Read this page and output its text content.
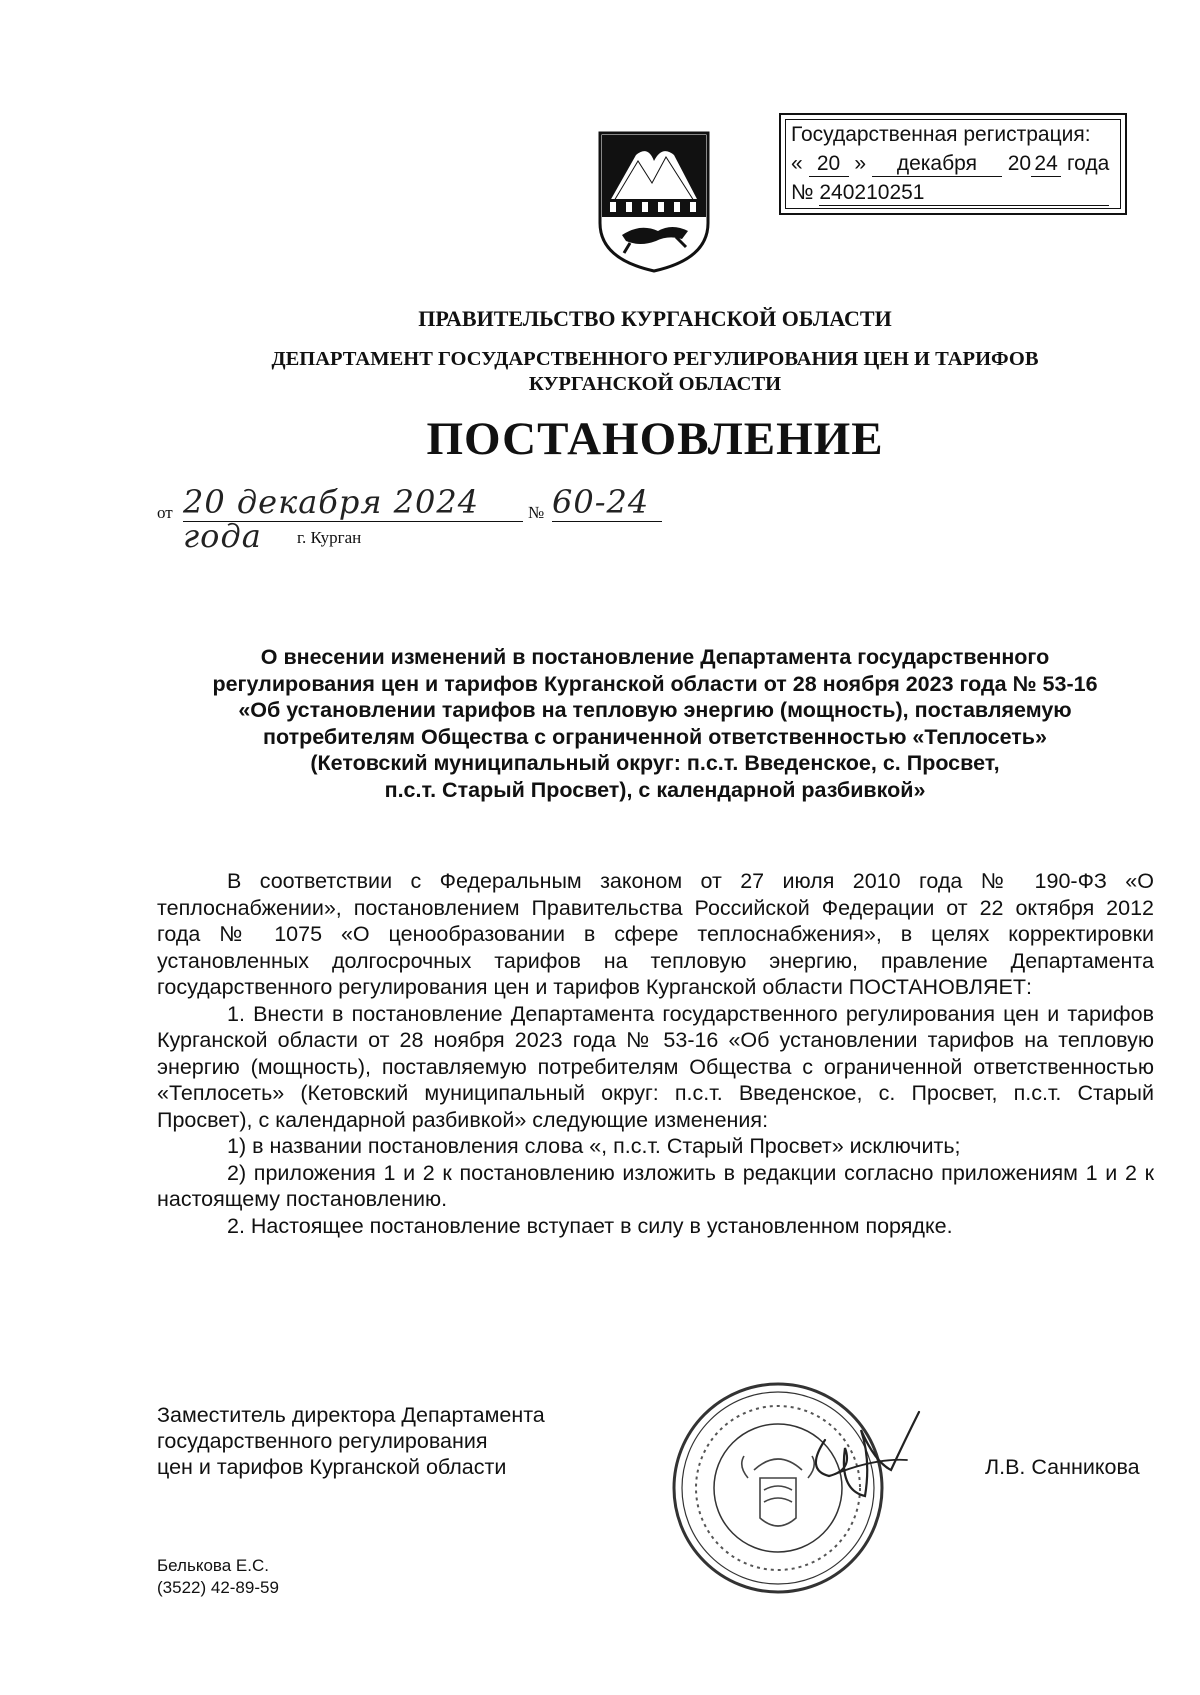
Государственная регистрация:
« 20 » декабря 20 24 года
№ 240210251
ПРАВИТЕЛЬСТВО КУРГАНСКОЙ ОБЛАСТИ
ДЕПАРТАМЕНТ ГОСУДАРСТВЕННОГО РЕГУЛИРОВАНИЯ ЦЕН И ТАРИФОВ
КУРГАНСКОЙ ОБЛАСТИ
ПОСТАНОВЛЕНИЕ
от 20 декабря 2024 года
№ 60-24
г. Курган
О внесении изменений в постановление Департамента государственного
регулирования цен и тарифов Курганской области от 28 ноября 2023 года № 53-16
«Об установлении тарифов на тепловую энергию (мощность), поставляемую
потребителям Общества с ограниченной ответственностью «Теплосеть»
(Кетовский муниципальный округ: п.с.т. Введенское, с. Просвет,
п.с.т. Старый Просвет), с календарной разбивкой»

В соответствии с Федеральным законом от 27 июля 2010 года № 190-ФЗ «О теплоснабжении», постановлением Правительства Российской Федерации от 22 октября 2012 года № 1075 «О ценообразовании в сфере теплоснабжения», в целях корректировки установленных долгосрочных тарифов на тепловую энергию, правление Департамента государственного регулирования цен и тарифов Курганской области ПОСТАНОВЛЯЕТ:

1. Внести в постановление Департамента государственного регулирования цен и тарифов Курганской области от 28 ноября 2023 года № 53-16 «Об установлении тарифов на тепловую энергию (мощность), поставляемую потребителям Общества с ограниченной ответственностью «Теплосеть» (Кетовский муниципальный округ: п.с.т. Введенское, с. Просвет, п.с.т. Старый Просвет), с календарной разбивкой» следующие изменения:

1) в названии постановления слова «, п.с.т. Старый Просвет» исключить;

2) приложения 1 и 2 к постановлению изложить в редакции согласно приложениям 1 и 2 к настоящему постановлению.

2. Настоящее постановление вступает в силу в установленном порядке.

Заместитель директора Департамента
государственного регулирования
цен и тарифов Курганской области	Л.В. Санникова
Белькова Е.С.
(3522) 42-89-59
